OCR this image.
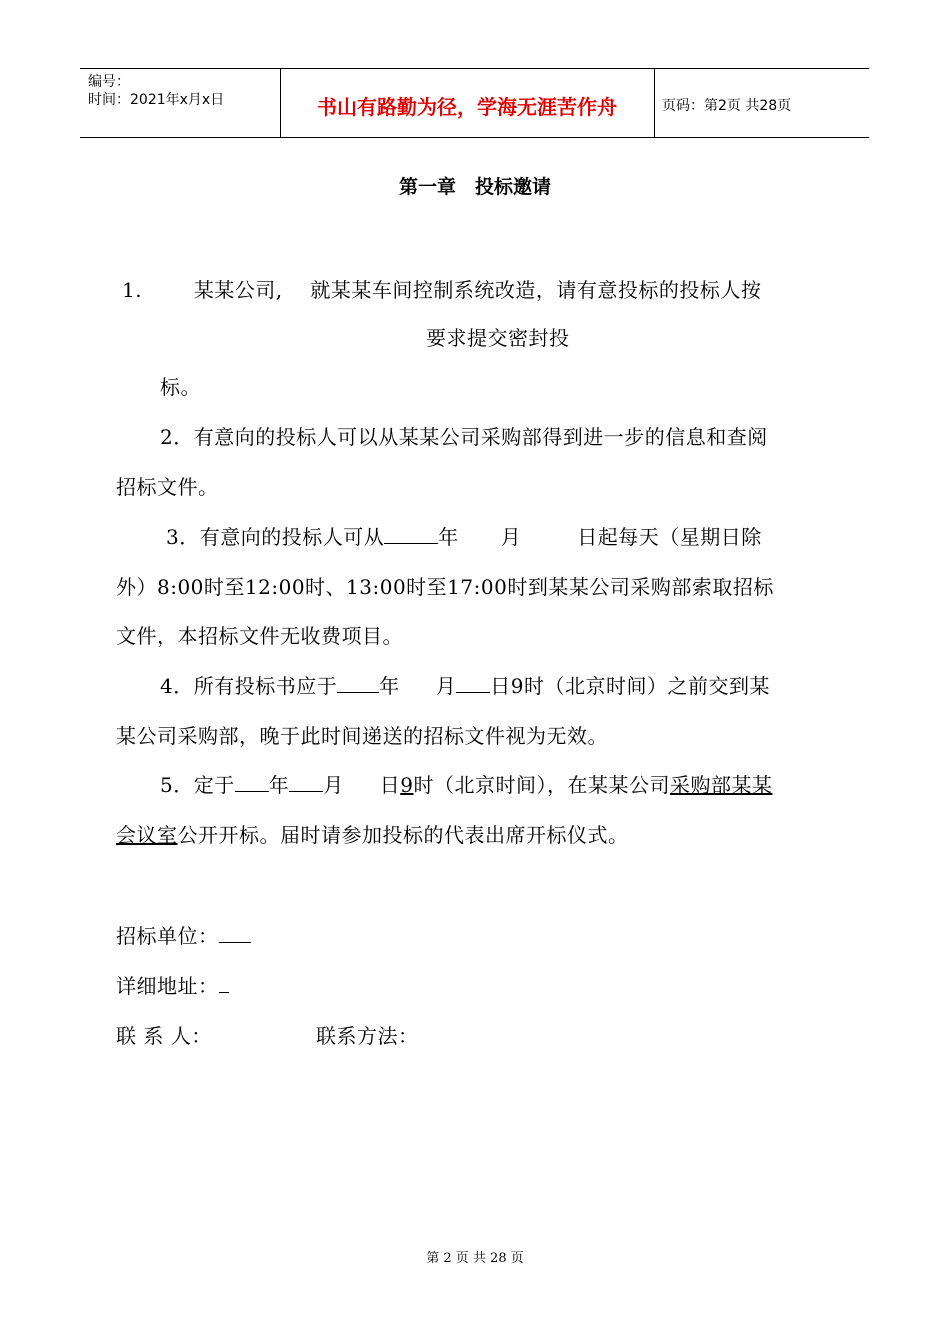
编号：
时间：2021年x月x日	书山有路勤为径，学海无涯苦作舟	页码：第2页 共28页
第一章　投标邀请
1.	某某公司, 就某某车间控制系统改造，请有意投标的投标人按
要求提交密封投
标。
2．有意向的投标人可以从某某公司采购部得到进一步的信息和查阅
招标文件。
3．有意向的投标人可从	年 月	日起每天（星期日除
外）8:00时至12:00时、13:00时至17:00时到某某公司采购部索取招标
文件，本招标文件无收费项目。
4．所有投标书应于 年 月 日9时（北京时间）之前交到某
某公司采购部，晚于此时间递送的招标文件视为无效。
5．定于 年 月 日9时（北京时间），在某某公司采购部某某
会议室公开开标。届时请参加投标的代表出席开标仪式。
招标单位：
详细地址：
联 系 人：	联系方法：
第 2 页 共 28 页
